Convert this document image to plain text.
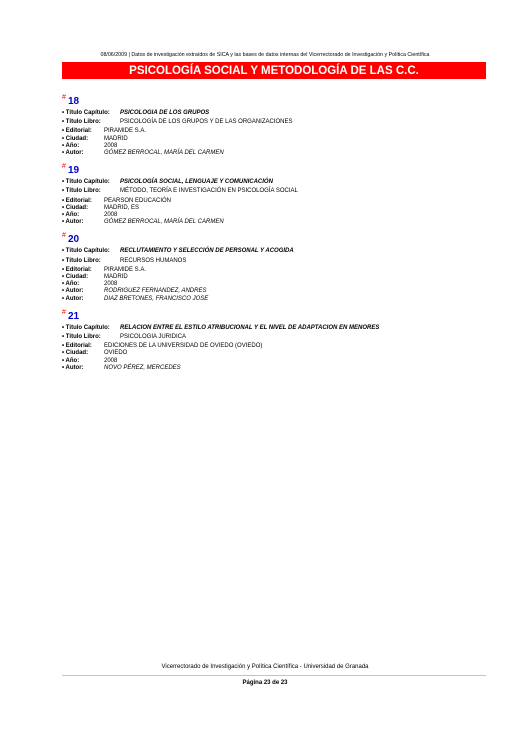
08/06/2009 | Datos de investigación extraídos de SICA y las bases de datos internas del Vicerrectorado de Investigación y Política Científica
PSICOLOGÍA SOCIAL Y METODOLOGÍA DE LAS C.C.
# 18
• Título Capítulo:	PSICOLOGIA DE LOS GRUPOS
• Título Libro:	PSICOLOGÍA DE LOS GRUPOS Y DE LAS ORGANIZACIONES
• Editorial:	PIRAMIDE S.A.
• Ciudad:	MADRID
• Año:	2008
• Autor:	GÓMEZ BERROCAL, MARÍA DEL CARMEN
# 19
• Título Capítulo:	PSICOLOGÍA SOCIAL, LENGUAJE Y COMUNICACIÓN
• Título Libro:	MÉTODO, TEORÍA E INVESTIGACIÓN EN PSICOLOGÍA SOCIAL
• Editorial:	PEARSON EDUCACIÓN
• Ciudad:	MADRID, ES
• Año:	2008
• Autor:	GÓMEZ BERROCAL, MARÍA DEL CARMEN
# 20
• Título Capítulo:	RECLUTAMIENTO Y SELECCIÓN DE PERSONAL Y ACOGIDA
• Título Libro:	RECURSOS HUMANOS
• Editorial:	PIRAMIDE S.A.
• Ciudad:	MADRID
• Año:	2008
• Autor:	RODRIGUEZ FERNANDEZ, ANDRES
• Autor:	DIAZ BRETONES, FRANCISCO JOSE
# 21
• Título Capítulo:	RELACION ENTRE EL ESTILO ATRIBUCIONAL Y EL NIVEL DE ADAPTACION EN MENORES
• Título Libro:	PSICOLOGIA JURIDICA
• Editorial:	EDICIONES DE LA UNIVERSIDAD DE OVIEDO (OVIEDO)
• Ciudad:	OVIEDO
• Año:	2008
• Autor:	NOVO PÉREZ, MERCEDES
Vicerrectorado de Investigación y Política Científica - Universidad de Granada
Página 23 de 23
